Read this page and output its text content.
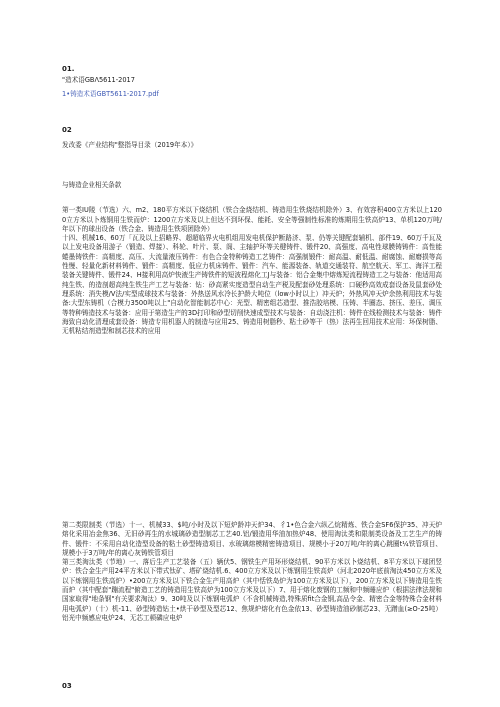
01.

"造术语GBΛ5611-2017

1•铸造术语GBT5611-2017.pdf

02

发改委《产业结构"整指导目录（2019年本）》

与铸造企业相关条款

第一类IU陵（节选）六、m2、180平方米以下烧结机（铁合金烧结机、铸造用生铁烧结机除外）3、有效容积400立方米以上1200立方米以卜炼钢用生铁而炉：1200立方米及以上但达不到环保、能耗、安全等强制性标准的炼期用生铁高炉13、单机120万吨/年以下的球出设备（铁合金、铸造用生铁项团除外）

十四、机械16、60万「瓦及以上招略界、超超临界火电机组用发电机保护断路济、泵、仍等关键配套辅机、部件19、60万千瓦及以上发电设备用游子（锻造、焊接）、科轮、叶片、泵、阁、主轴护环等关楗铸件、锻件20、高强度、高电性球膜铸铸件：高性能蜷墨铸铁件：高精度、高压、大流量液压铸件：有色合金特种铸造工艺铸件：高强制锻件：耐高温、耐低温、耐腐蚀、耐磨损等高性慢、轻量化新材料铸件、锻件：高精度、低应力机床铸件、锻件：汽车、能源装备、轨道交通装符、航空航天、军工、海洋工程装备关键铸件、锻件24、H接利用高炉快液生产铸铁件的短波程熔化工J与装备：铝合金集中熔炼短流程铸造工之与装备：他适用高纯生铁、的造剖超高纯生铁生产工艺与装备：钻：砂高紧实度造型自动生产税及配套砂处理系统：口硬秒高效成套设备及鼠套砂处理系统：消失模/V法/实型成球技术与装备：外热送风水冷长护龄大吨位（low小时以上）冲天炉；外热风冲天炉余热利用技术与装备:大型东铸机（合模力3500吨以上"自动化智能制芯中心：光型、精密组芯造型、推浩胶培模、压铸、半圈态、挤压、差压、调压等特种铸造技术与装备：应用于第造生产的3D打印和砂型切削快速成型技术与装备：自动浇注机：铸件在线检测技术与装备：铸件海致自动化清理成套设备：铸造专用机器人的制造与应用25、铸造用树脂秒、粘土砂等干（热）法再生回用技术应用：环保树脂、无机粘结剂造型和制芯技术的应用

第二类限制类（节选）十一、机械33、$吨/小时及以下短炉龄冲天炉34、彳1•色合金六纵乙烷精炼、铁合金SF6保护35、冲天炉熔化采用冶金焦36、无旧砂再生的水城璃砂造型制芯工艺40.铝/锻造用华油加热炉48、使用淘汰类和限制类设备及工艺生产的铸件、锻件：不采用自动化造型设备的粘土砂型铸造项目、水玻璃熔模精密铸造项目、规模小于20万吨/年的离心跳圈t¼铁管项目、规模小于3万吨/年的离心灰铸铁管项目

第三类淘汰类（节地）一、落后生产工艺装备（五）辆伏5、钢铁生产用环形烧结机、90平方米以卜烧结机、8平方米以下球团竖炉：铁合金生产用24平方米以下带式钛矿、塔矿烧结机.6、400立方米及以下炼钢用生铁高炉（河北2020年底前淘汰450立方米及以下炼钢用生铁高炉）•200立方米及以下铁合金生产用高炉（其中恬铁岛炉为100立方米及以下），200立方米及以下铸造用生铁而炉（其中配套"蹦流程"俯造工艺的铸造用生铁高炉为100立方米及以下）7、用于熔化废钢的工频和中频睡应炉（根据法律法规和国家取得"地条钢"有关要求淘汰）9、30吨及以下炼钢电弧炉（不含机械铸造,特殊质fit合金钢,高品令金、精密合金等特殊合金材料用电弧炉）（十）机-11、砂型铸造钻土•烘干砂型及型芯12、焦规炉熔化有色金依13、砂型铸造油砂制芯23、无蹭血(≥O-25吨）铝光中频感应电炉24、无芯工顿磷应电炉

03
